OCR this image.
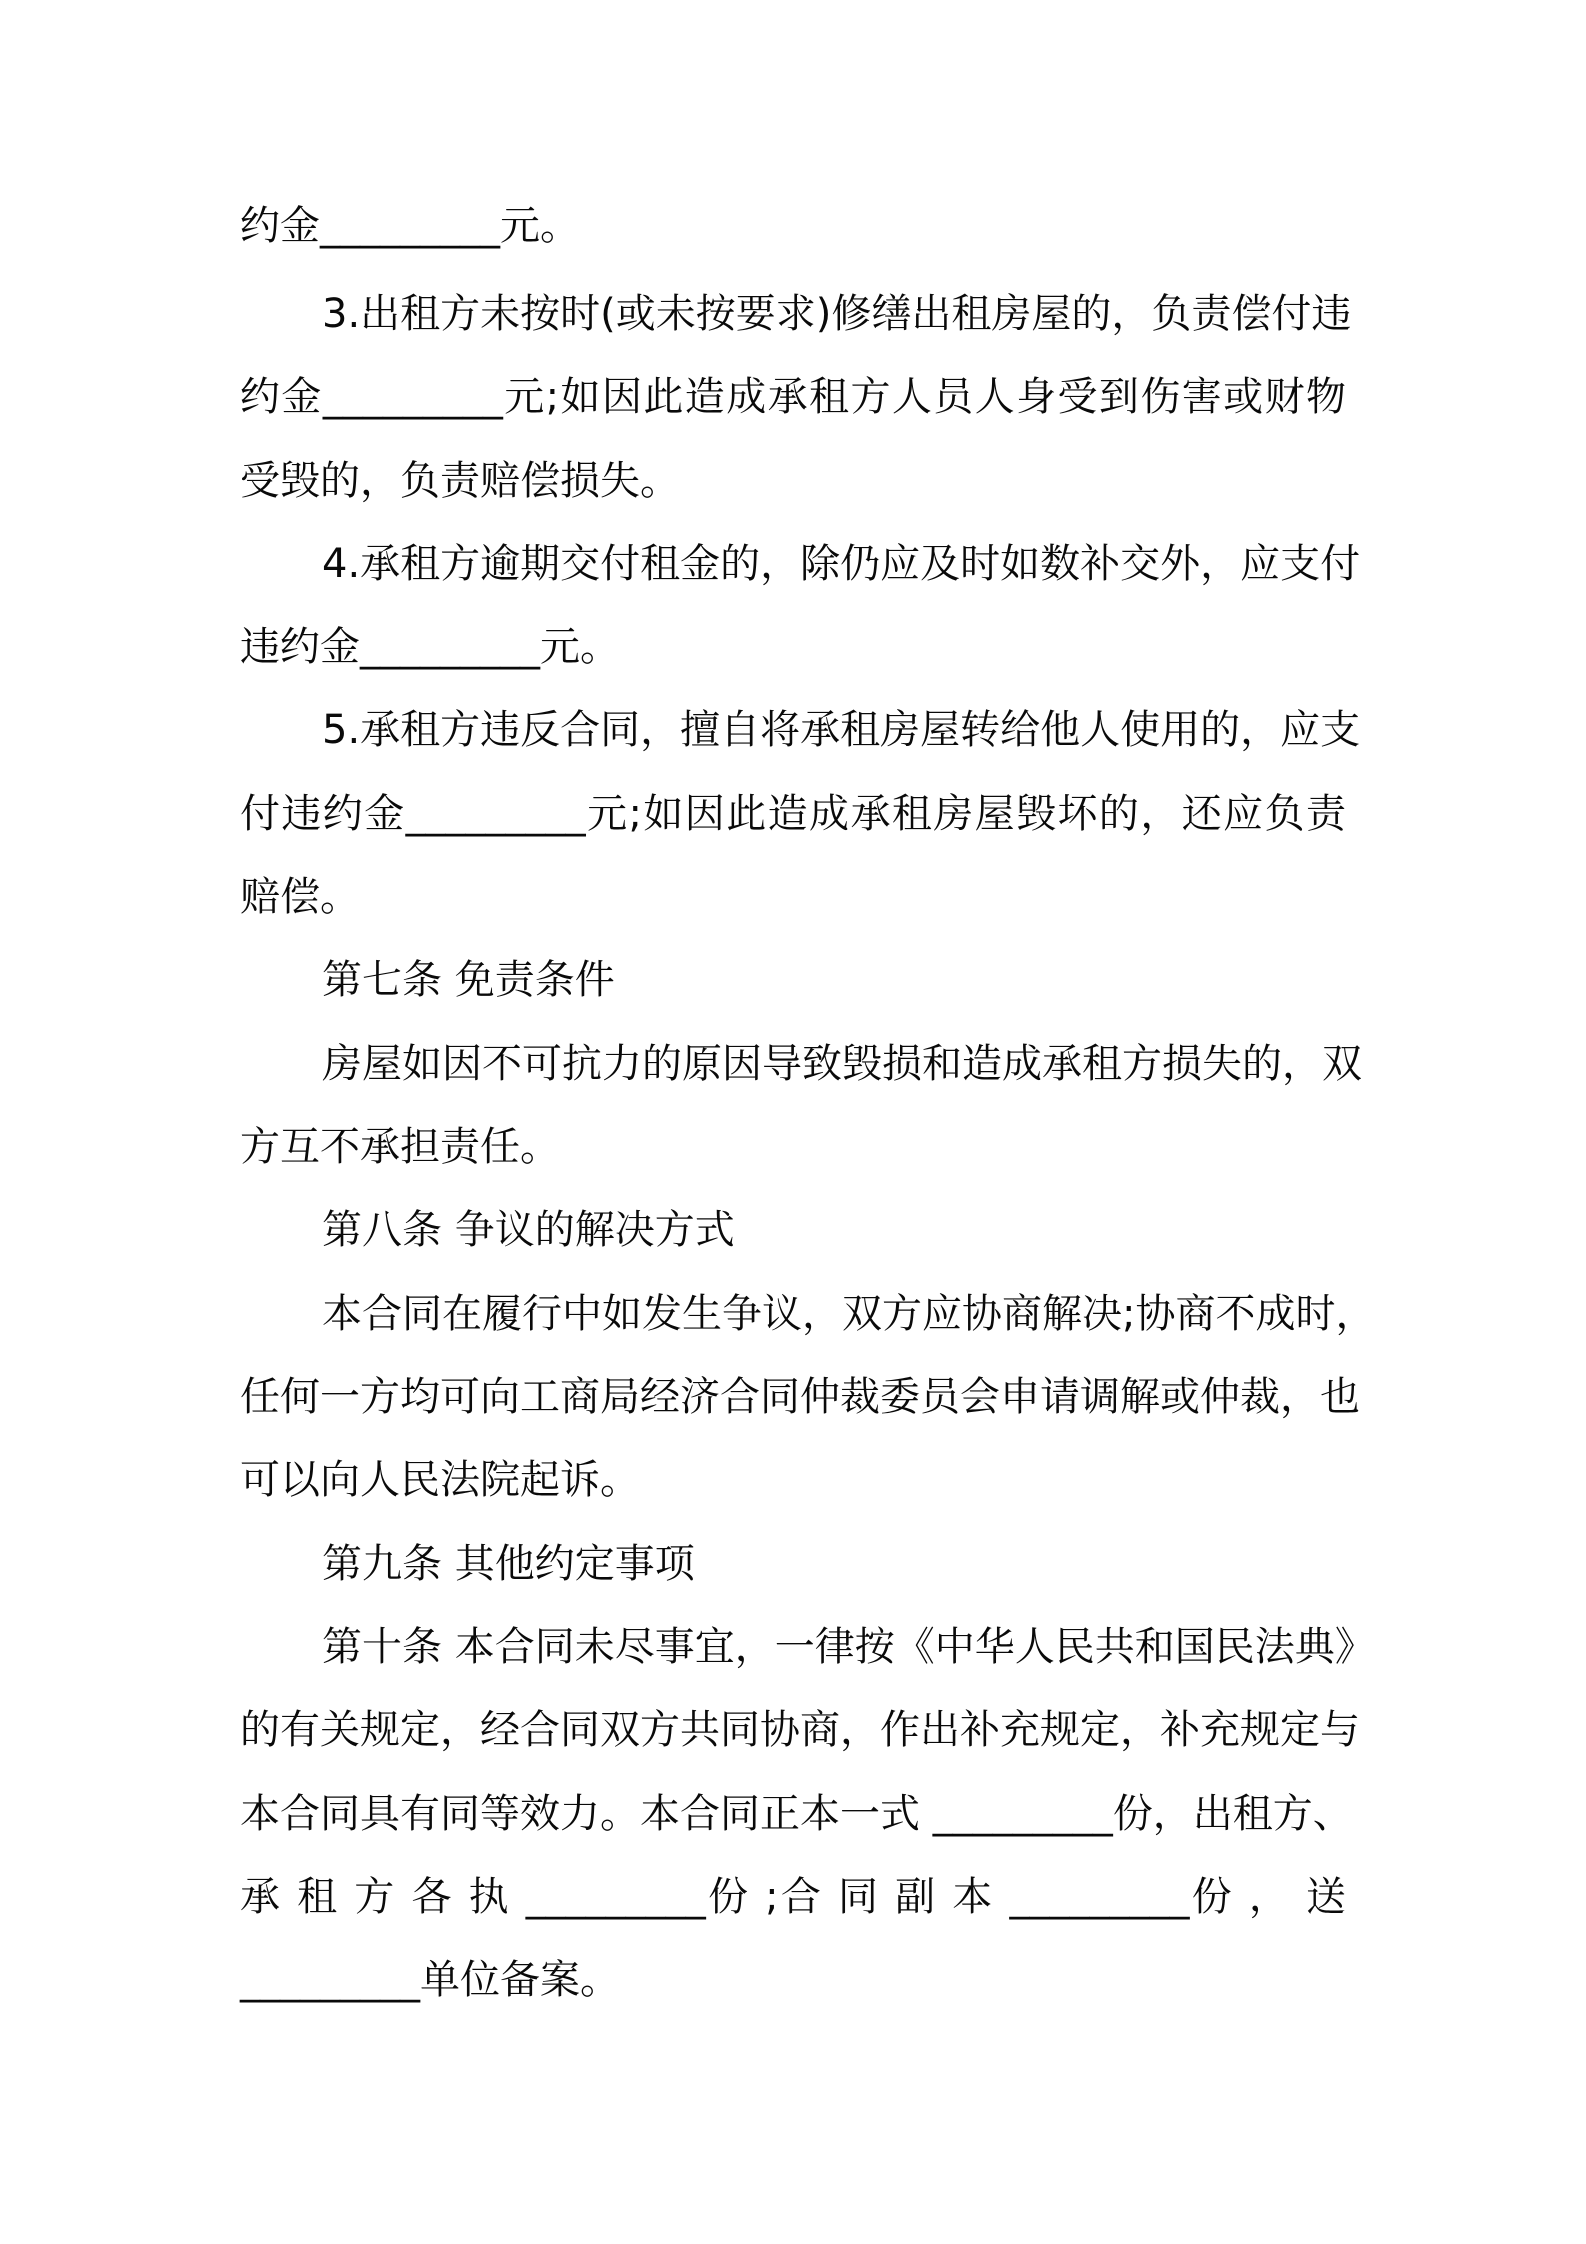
约金_________元。
3.出租方未按时(或未按要求)修缮出租房屋的，负责偿付违
约金_________元;如因此造成承租方人员人身受到伤害或财物
受毁的，负责赔偿损失。
4.承租方逾期交付租金的，除仍应及时如数补交外，应支付
违约金_________元。
5.承租方违反合同，擅自将承租房屋转给他人使用的，应支
付违约金_________元;如因此造成承租房屋毁坏的，还应负责
赔偿。
第七条 免责条件
房屋如因不可抗力的原因导致毁损和造成承租方损失的，双
方互不承担责任。
第八条 争议的解决方式
本合同在履行中如发生争议，双方应协商解决;协商不成时，
任何一方均可向工商局经济合同仲裁委员会申请调解或仲裁，也
可以向人民法院起诉。
第九条 其他约定事项
第十条 本合同未尽事宜，一律按《中华人民共和国民法典》
的有关规定，经合同双方共同协商，作出补充规定，补充规定与
本合同具有同等效力。本合同正本一式 _________份，出租方、
承 租 方 各 执 _________份 ;合 同 副 本 _________份 ， 送
_________单位备案。
